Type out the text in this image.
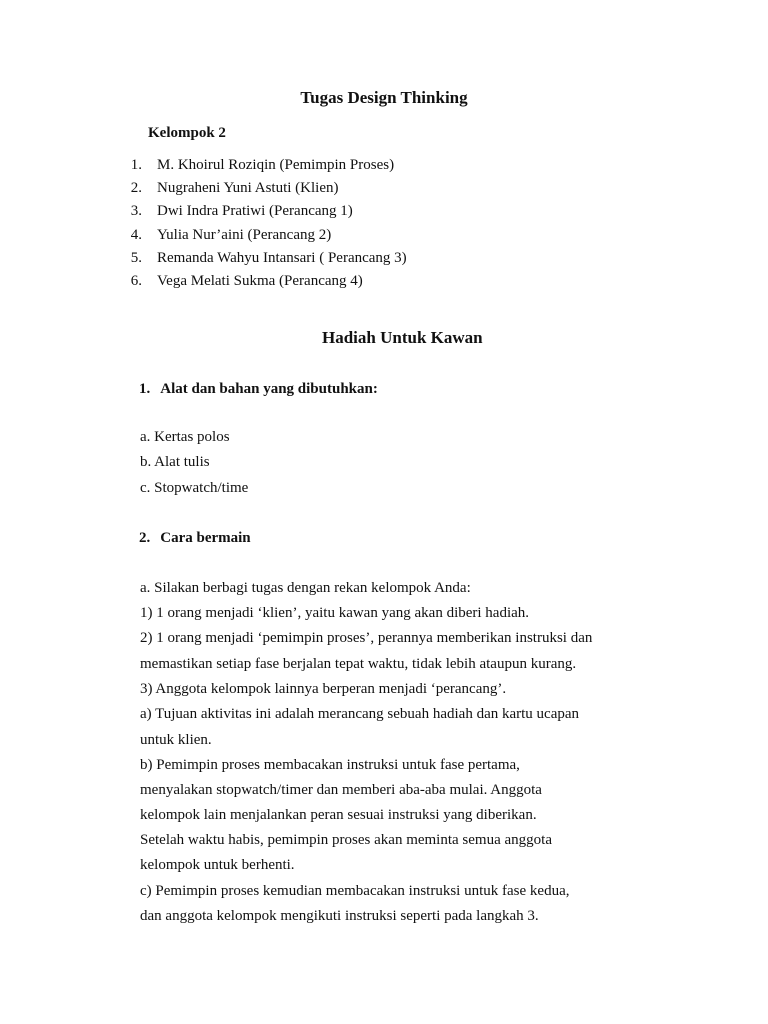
Tugas Design Thinking
Kelompok 2
1. M. Khoirul Roziqin (Pemimpin Proses)
2. Nugraheni Yuni Astuti (Klien)
3. Dwi Indra Pratiwi (Perancang 1)
4. Yulia Nur’aini (Perancang 2)
5. Remanda Wahyu Intansari ( Perancang 3)
6. Vega Melati Sukma (Perancang 4)
Hadiah Untuk Kawan
1. Alat dan bahan yang dibutuhkan:
a. Kertas polos
b. Alat tulis
c. Stopwatch/time
2. Cara bermain
a. Silakan berbagi tugas dengan rekan kelompok Anda:
1) 1 orang menjadi ‘klien’, yaitu kawan yang akan diberi hadiah.
2) 1 orang menjadi ‘pemimpin proses’, perannya memberikan instruksi dan
memastikan setiap fase berjalan tepat waktu, tidak lebih ataupun kurang.
3) Anggota kelompok lainnya berperan menjadi ‘perancang’.
a) Tujuan aktivitas ini adalah merancang sebuah hadiah dan kartu ucapan
untuk klien.
b) Pemimpin proses membacakan instruksi untuk fase pertama,
menyalakan stopwatch/timer dan memberi aba-aba mulai. Anggota
kelompok lain menjalankan peran sesuai instruksi yang diberikan.
Setelah waktu habis, pemimpin proses akan meminta semua anggota
kelompok untuk berhenti.
c) Pemimpin proses kemudian membacakan instruksi untuk fase kedua,
dan anggota kelompok mengikuti instruksi seperti pada langkah 3.
